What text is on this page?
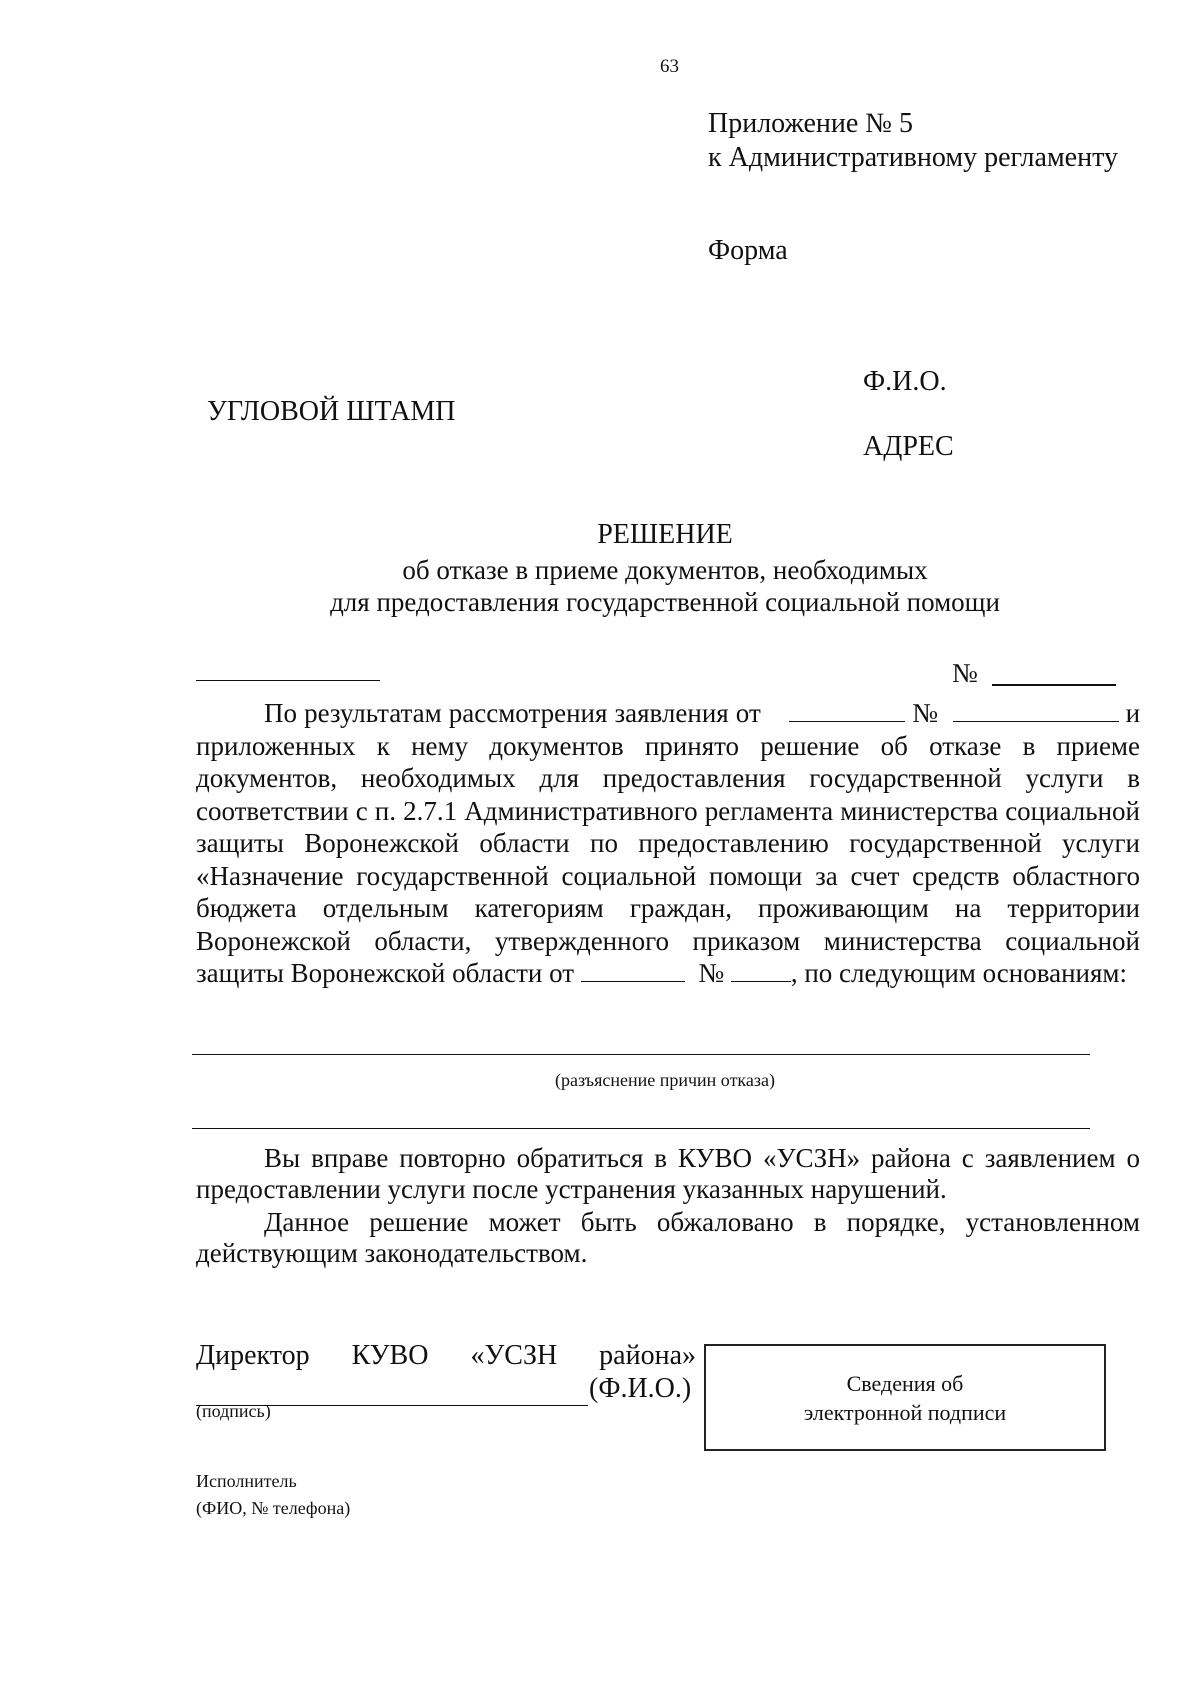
63
Приложение № 5
к Административному регламенту
Форма
Ф.И.О.
УГЛОВОЙ ШТАМП
АДРЕС
РЕШЕНИЕ
об отказе в приеме документов, необходимых
для предоставления государственной социальной помощи
№

По результатам рассмотрения заявления от	№	и приложенных к нему документов принято решение об отказе в приеме документов, необходимых для предоставления государственной услуги в соответствии с п. 2.7.1 Административного регламента министерства социальной защиты Воронежской области по предоставлению государственной услуги «Назначение государственной социальной помощи за счет средств областного бюджета отдельным категориям граждан, проживающим на территории Воронежской области, утвержденного приказом министерства социальной защиты Воронежской области от	№ , по следующим основаниям:

(разъяснение причин отказа)

Вы вправе повторно обратиться в КУВО «УСЗН» района с заявлением о предоставлении услуги после устранения указанных нарушений.

Данное решение может быть обжаловано в порядке, установленном действующим законодательством.

Директор КУВО «УСЗН района»
(Ф.И.О.)
(подпись)
Сведения об электронной подписи
Исполнитель
(ФИО, № телефона)
